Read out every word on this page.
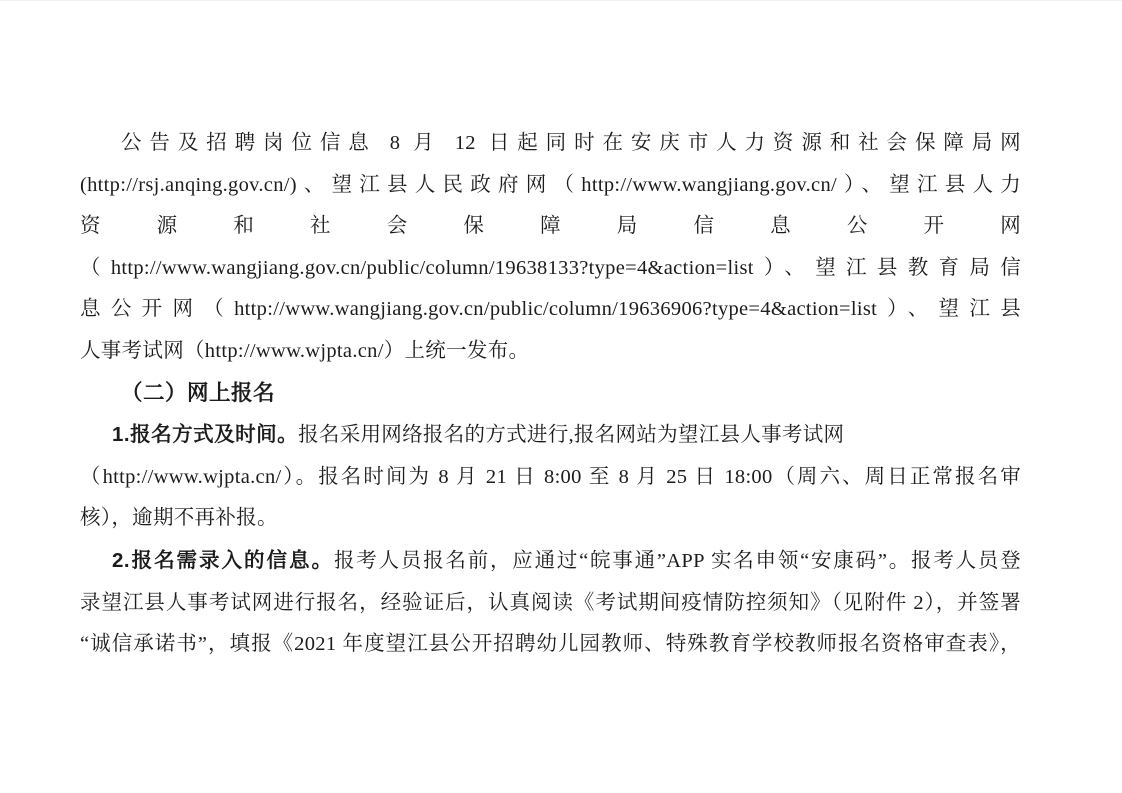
公告及招聘岗位信息 8 月 12 日起同时在安庆市人力资源和社会保障局网
(http://rsj.anqing.gov.cn/)、望江县人民政府网（http://www.wangjiang.gov.cn/）、望江县人力
资源和社会保障局信息公开网
（http://www.wangjiang.gov.cn/public/column/19638133?type=4&action=list）、望江县教育局信
息公开网（http://www.wangjiang.gov.cn/public/column/19636906?type=4&action=list）、望江县
人事考试网（http://www.wjpta.cn/）上统一发布。
（二）网上报名
1.报名方式及时间。报名采用网络报名的方式进行,报名网站为望江县人事考试网
（http://www.wjpta.cn/）。报名时间为 8 月 21 日 8:00 至 8 月 25 日 18:00（周六、周日正常报名审
核），逾期不再补报。
2.报名需录入的信息。报考人员报名前，应通过“皖事通”APP 实名申领“安康码”。报考人员登
录望江县人事考试网进行报名，经验证后，认真阅读《考试期间疫情防控须知》（见附件 2），并签署
“诚信承诺书”，填报《2021 年度望江县公开招聘幼儿园教师、特殊教育学校教师报名资格审查表》，
